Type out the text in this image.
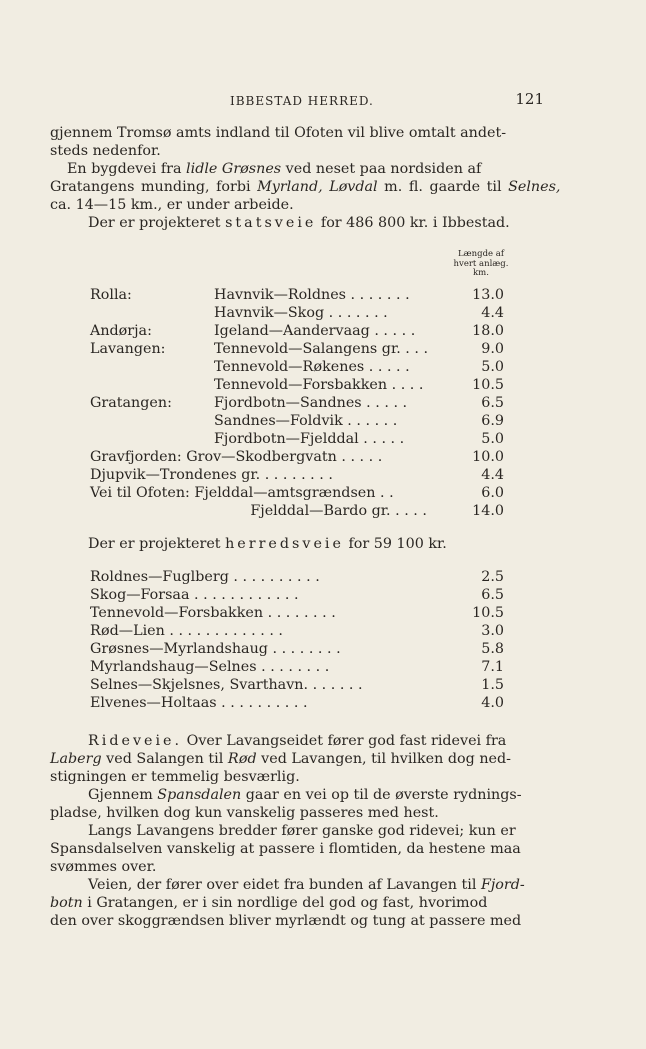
IBBESTAD HERRED.	121
gjennem Tromsø amts indland til Ofoten vil blive omtalt andet-
steds nedenfor.
En bygdevei fra lidle Grøsnes ved neset paa nordsiden af
Gratangens munding, forbi Myrland, Løvdal m. fl. gaarde til Selnes,
ca. 14—15 km., er under arbeide.
Der er projekteret statsveie for 486 800 kr. i Ibbestad.
Længde af
hvert anlæg.
km.
Rolla:	Havnvik—Roldnes . . . . . . .	13.0
Havnvik—Skog . . . . . . .	4.4
Andørja:	Igeland—Aandervaag . . . . .	18.0
Lavangen:	Tennevold—Salangens gr. . . .	9.0
Tennevold—Røkenes . . . . .	5.0
Tennevold—Forsbakken . . . .	10.5
Gratangen:	Fjordbotn—Sandnes . . . . .	6.5
Sandnes—Foldvik . . . . . .	6.9
Fjordbotn—Fjelddal . . . . .	5.0
Gravfjorden: Grov—Skodbergvatn . . . . .	10.0
Djupvik—Trondenes gr. . . . . . . . .	4.4
Vei til Ofoten: Fjelddal—amtsgrændsen . .	6.0
Fjelddal—Bardo gr. . . . .	14.0
Der er projekteret herredsveie for 59 100 kr.
Roldnes—Fuglberg . . . . . . . . . .	2.5
Skog—Forsaa . . . . . . . . . . . .	6.5
Tennevold—Forsbakken . . . . . . . .	10.5
Rød—Lien . . . . . . . . . . . . .	3.0
Grøsnes—Myrlandshaug . . . . . . . .	5.8
Myrlandshaug—Selnes . . . . . . . .	7.1
Selnes—Skjelsnes, Svarthavn. . . . . . .	1.5
Elvenes—Holtaas . . . . . . . . . .	4.0
Rideveie. Over Lavangseidet fører god fast ridevei fra
Laberg ved Salangen til Rød ved Lavangen, til hvilken dog ned-
stigningen er temmelig besværlig.
Gjennem Spansdalen gaar en vei op til de øverste rydnings-
pladse, hvilken dog kun vanskelig passeres med hest.
Langs Lavangens bredder fører ganske god ridevei; kun er
Spansdalselven vanskelig at passere i flomtiden, da hestene maa
svømmes over.
Veien, der fører over eidet fra bunden af Lavangen til Fjord-
botn i Gratangen, er i sin nordlige del god og fast, hvorimod
den over skoggrændsen bliver myrlændt og tung at passere med
